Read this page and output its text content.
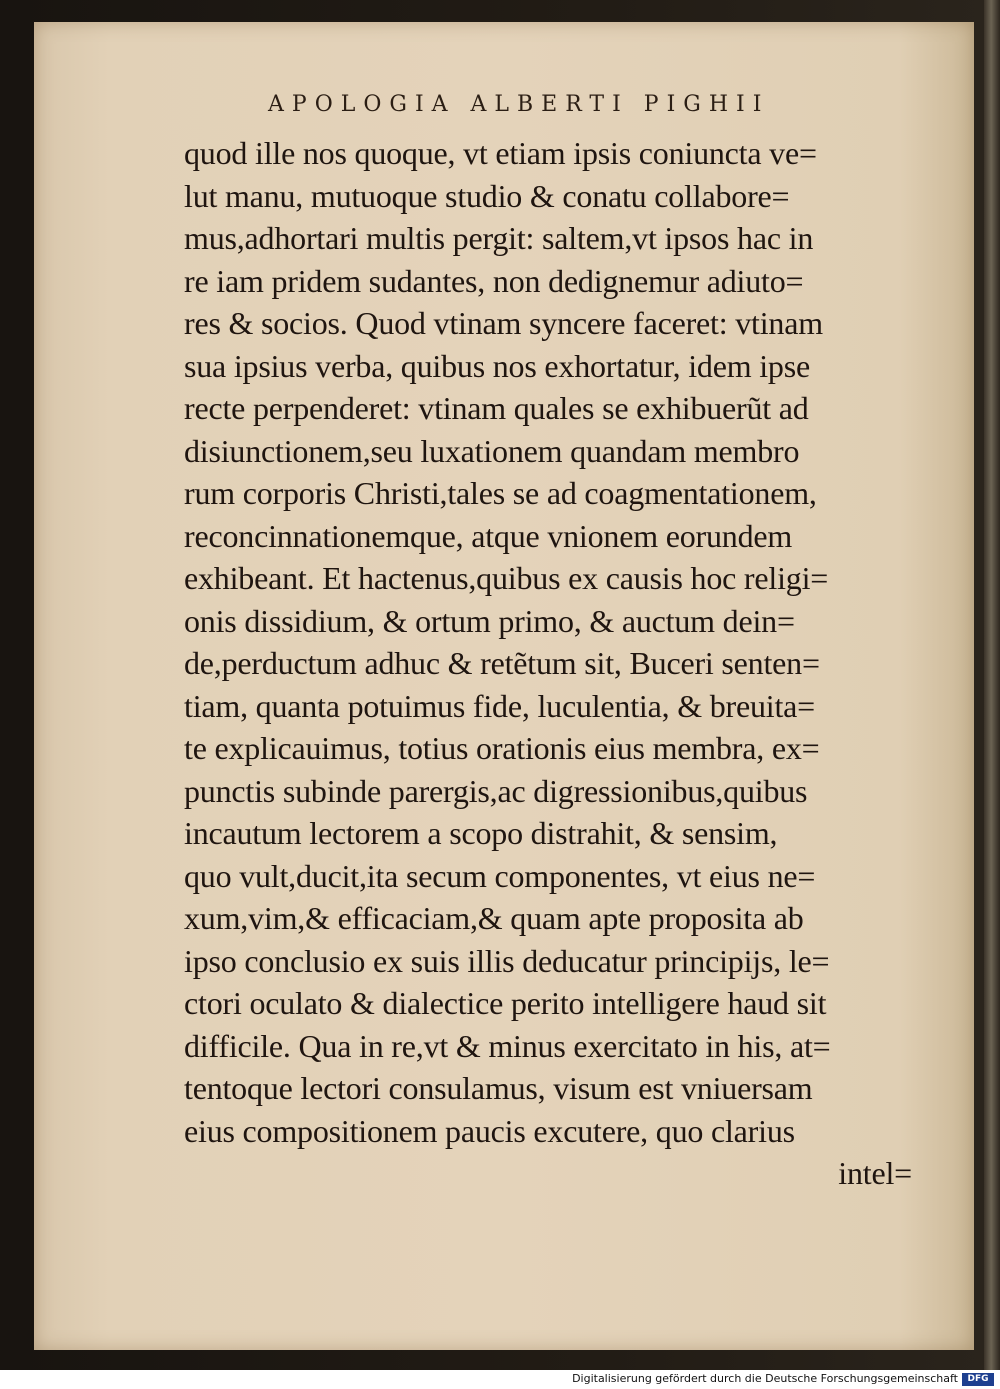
APOLOGIA ALBERTI PIGHII
quod ille nos quoque, vt etiam ipsis coniuncta ve=
lut manu, mutuoque studio & conatu collabore=
mus,adhortari multis pergit: saltem,vt ipsos hac in
re iam pridem sudantes, non dedignemur adiuto=
res & socios. Quod vtinam syncere faceret: vtinam
sua ipsius verba, quibus nos exhortatur, idem ipse
recte perpenderet: vtinam quales se exhibuerũt ad
disiunctionem,seu luxationem quandam membro
rum corporis Christi,tales se ad coagmentationem,
reconcinnationemque, atque vnionem eorundem
exhibeant. Et hactenus,quibus ex causis hoc religi=
onis dissidium, & ortum primo, & auctum dein=
de,perductum adhuc & retẽtum sit, Buceri senten=
tiam, quanta potuimus fide, luculentia, & breuita=
te explicauimus, totius orationis eius membra, ex=
punctis subinde parergis,ac digressionibus,quibus
incautum lectorem a scopo distrahit, & sensim,
quo vult,ducit,ita secum componentes, vt eius ne=
xum,vim,& efficaciam,& quam apte proposita ab
ipso conclusio ex suis illis deducatur principijs, le=
ctori oculato & dialectice perito intelligere haud sit
difficile. Qua in re,vt & minus exercitato in his, at=
tentoque lectori consulamus, visum est vniuersam
eius compositionem paucis excutere, quo clarius
intel=
Digitalisierung gefördert durch die Deutsche Forschungsgemeinschaft	DFG
